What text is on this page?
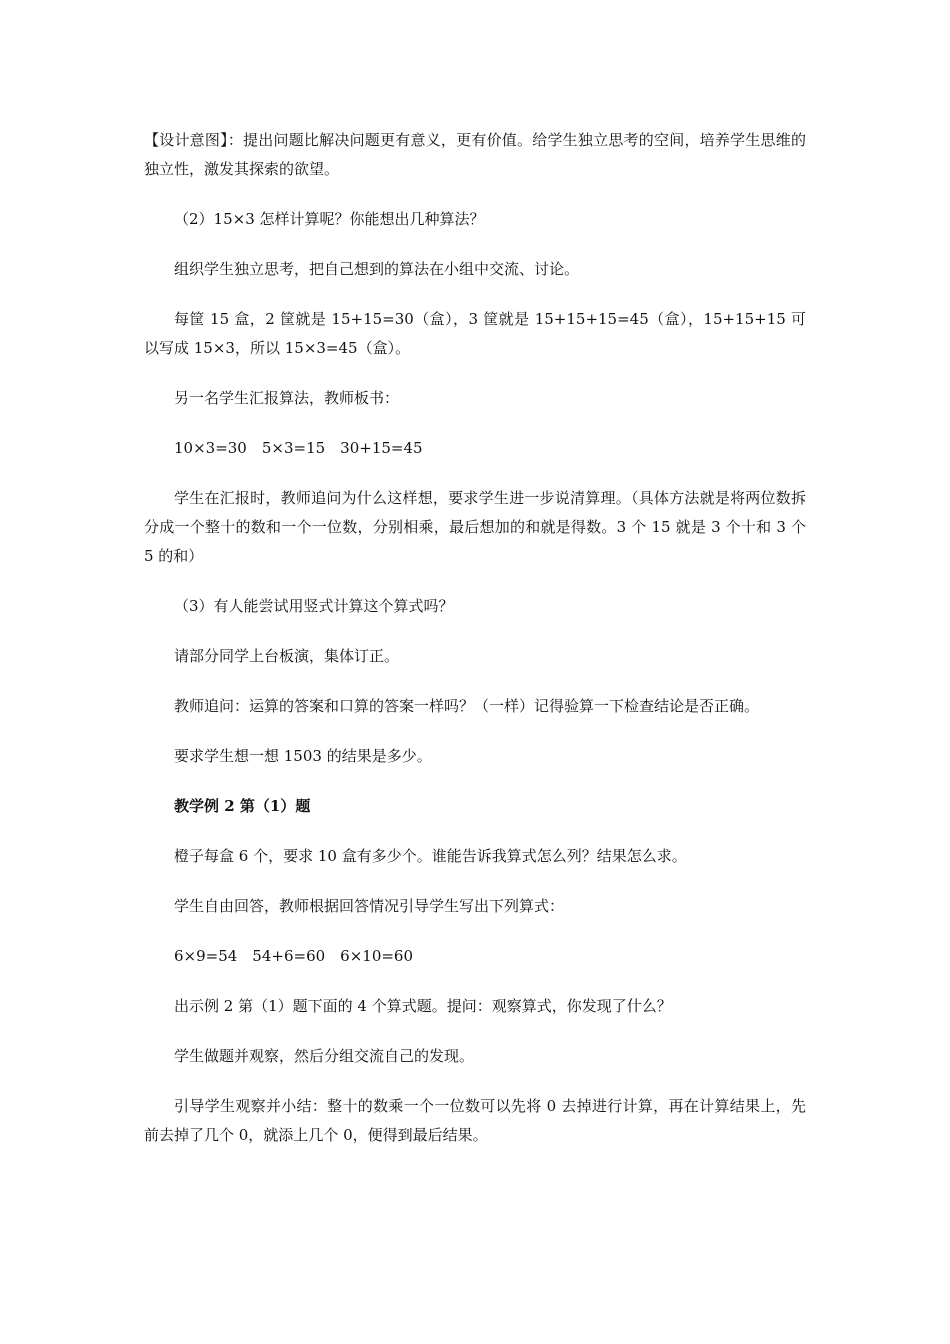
【设计意图】：提出问题比解决问题更有意义，更有价值。给学生独立思考的空间，培养学生思维的独立性，激发其探索的欲望。

（2）15×3 怎样计算呢？你能想出几种算法？

组织学生独立思考，把自己想到的算法在小组中交流、讨论。

每筐 15 盒，2 筐就是 15+15=30（盒），3 筐就是 15+15+15=45（盒），15+15+15 可以写成 15×3，所以 15×3=45（盒）。

另一名学生汇报算法，教师板书：

10×3=30　5×3=15　30+15=45

学生在汇报时，教师追问为什么这样想，要求学生进一步说清算理。（具体方法就是将两位数拆分成一个整十的数和一个一位数，分别相乘，最后想加的和就是得数。3 个 15 就是 3 个十和 3 个 5 的和）

（3）有人能尝试用竖式计算这个算式吗？

请部分同学上台板演，集体订正。

教师追问：运算的答案和口算的答案一样吗？（一样）记得验算一下检查结论是否正确。

要求学生想一想 1503 的结果是多少。

教学例 2 第（1）题

橙子每盒 6 个，要求 10 盒有多少个。谁能告诉我算式怎么列？结果怎么求。

学生自由回答，教师根据回答情况引导学生写出下列算式：

6×9=54　54+6=60　6×10=60

出示例 2 第（1）题下面的 4 个算式题。提问：观察算式，你发现了什么？

学生做题并观察，然后分组交流自己的发现。

引导学生观察并小结：整十的数乘一个一位数可以先将 0 去掉进行计算，再在计算结果上，先前去掉了几个 0，就添上几个 0，便得到最后结果。
